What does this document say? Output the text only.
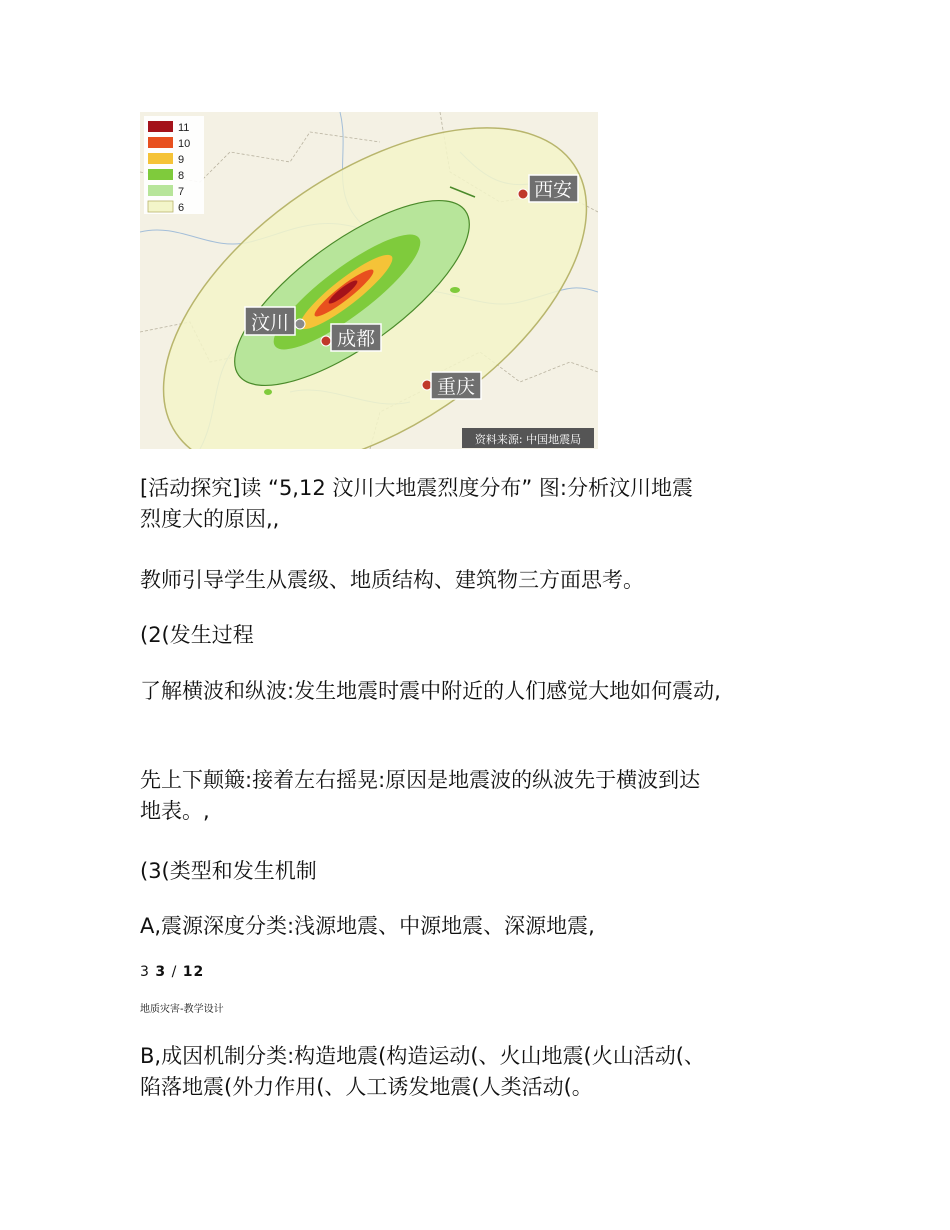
11
10
9
8
7
6
西安
汶川
成都
重庆
资料来源: 中国地震局

[活动探究]读 “5,12 汶川大地震烈度分布” 图:分析汶川地震
烈度大的原因,,

教师引导学生从震级、地质结构、建筑物三方面思考。

(2(发生过程

了解横波和纵波:发生地震时震中附近的人们感觉大地如何震动,

先上下颠簸:接着左右摇晃:原因是地震波的纵波先于横波到达
地表。,

(3(类型和发生机制

A,震源深度分类:浅源地震、中源地震、深源地震,

3 3 / 12
地质灾害-教学设计

B,成因机制分类:构造地震(构造运动(、火山地震(火山活动(、
陷落地震(外力作用(、人工诱发地震(人类活动(。
